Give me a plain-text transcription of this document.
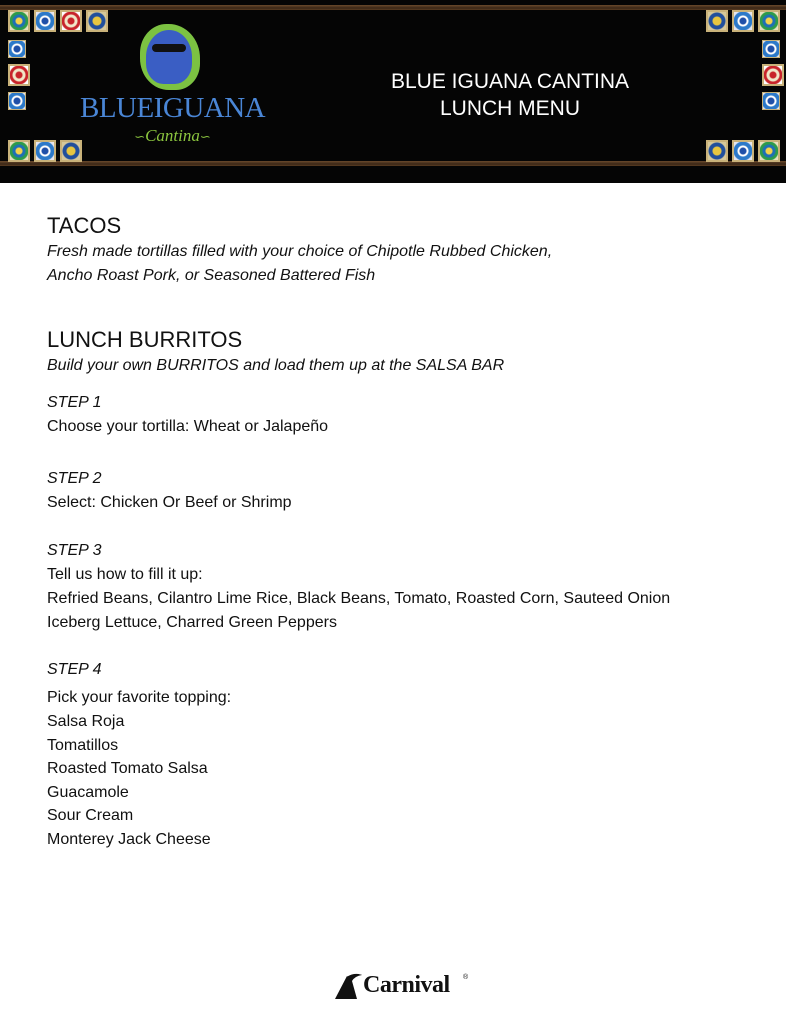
BLUEIGUANA
∽Cantina∽
BLUE IGUANA CANTINA
LUNCH MENU
TACOS
Fresh made tortillas filled with your choice of Chipotle Rubbed Chicken,
Ancho Roast Pork, or Seasoned Battered Fish
LUNCH BURRITOS
Build your own BURRITOS and load them up at the SALSA BAR
STEP 1
Choose your tortilla: Wheat or Jalapeño
STEP 2
Select: Chicken Or Beef or Shrimp
STEP 3
Tell us how to fill it up:
Refried Beans, Cilantro Lime Rice, Black Beans, Tomato, Roasted Corn, Sauteed Onion
Iceberg Lettuce, Charred Green Peppers
STEP 4
Pick your favorite topping:
Salsa Roja
Tomatillos
Roasted Tomato Salsa
Guacamole
Sour Cream
Monterey Jack Cheese
Carnival ®
